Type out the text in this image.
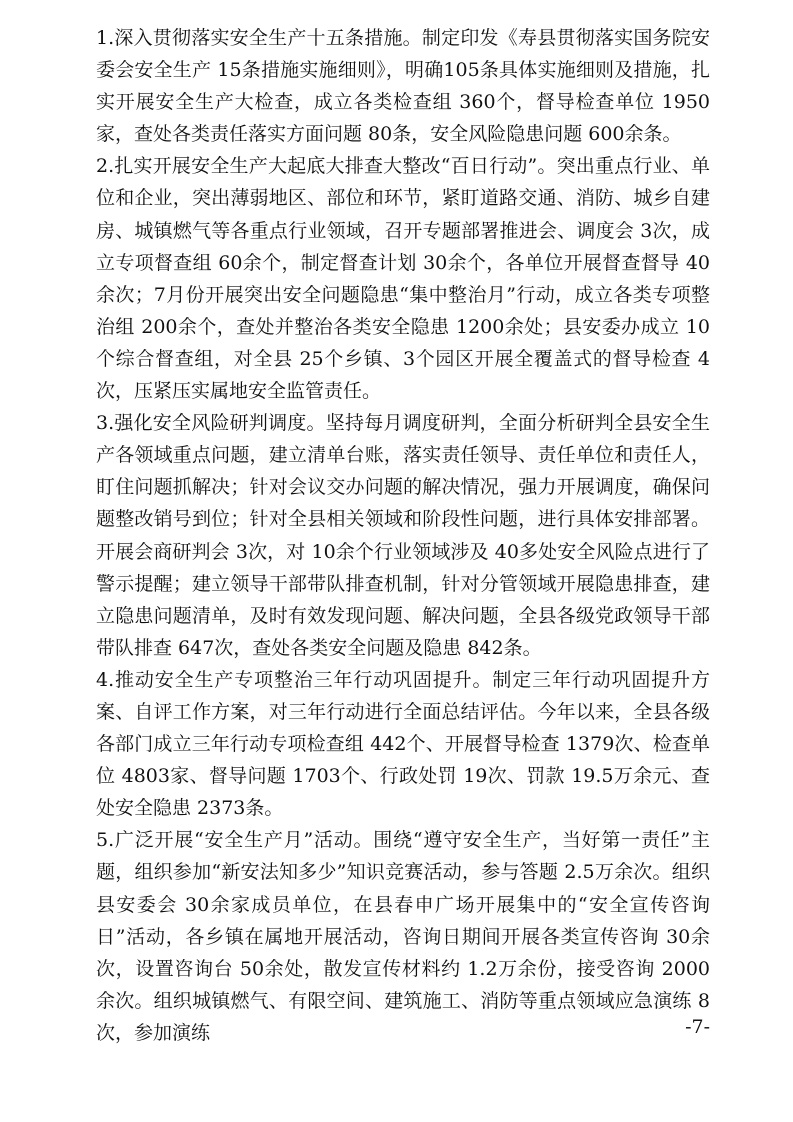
1.深入贯彻落实安全生产十五条措施。制定印发《寿县贯彻落实国务院安委会安全生产 15条措施实施细则》，明确105条具体实施细则及措施，扎实开展安全生产大检查，成立各类检查组 360个，督导检查单位 1950家，查处各类责任落实方面问题 80条，安全风险隐患问题 600余条。

2.扎实开展安全生产大起底大排查大整改“百日行动”。突出重点行业、单位和企业，突出薄弱地区、部位和环节，紧盯道路交通、消防、城乡自建房、城镇燃气等各重点行业领域，召开专题部署推进会、调度会 3次，成立专项督查组 60余个，制定督查计划 30余个，各单位开展督查督导 40余次；7月份开展突出安全问题隐患“集中整治月”行动，成立各类专项整治组 200余个，查处并整治各类安全隐患 1200余处；县安委办成立 10个综合督查组，对全县 25个乡镇、3个园区开展全覆盖式的督导检查 4次，压紧压实属地安全监管责任。

3.强化安全风险研判调度。坚持每月调度研判，全面分析研判全县安全生产各领域重点问题，建立清单台账，落实责任领导、责任单位和责任人，盯住问题抓解决；针对会议交办问题的解决情况，强力开展调度，确保问题整改销号到位；针对全县相关领域和阶段性问题，进行具体安排部署。开展会商研判会 3次，对 10余个行业领域涉及 40多处安全风险点进行了警示提醒；建立领导干部带队排查机制，针对分管领域开展隐患排查，建立隐患问题清单，及时有效发现问题、解决问题，全县各级党政领导干部带队排查 647次，查处各类安全问题及隐患 842条。

4.推动安全生产专项整治三年行动巩固提升。制定三年行动巩固提升方案、自评工作方案，对三年行动进行全面总结评估。今年以来，全县各级各部门成立三年行动专项检查组 442个、开展督导检查 1379次、检查单位 4803家、督导问题 1703个、行政处罚 19次、罚款 19.5万余元、查处安全隐患 2373条。

5.广泛开展“安全生产月”活动。围绕“遵守安全生产，当好第一责任”主题，组织参加“新安法知多少”知识竞赛活动，参与答题 2.5万余次。组织县安委会 30余家成员单位，在县春申广场开展集中的“安全宣传咨询日”活动，各乡镇在属地开展活动，咨询日期间开展各类宣传咨询 30余次，设置咨询台 50余处，散发宣传材料约 1.2万余份，接受咨询 2000余次。组织城镇燃气、有限空间、建筑施工、消防等重点领域应急演练 8次，参加演练	-7-
